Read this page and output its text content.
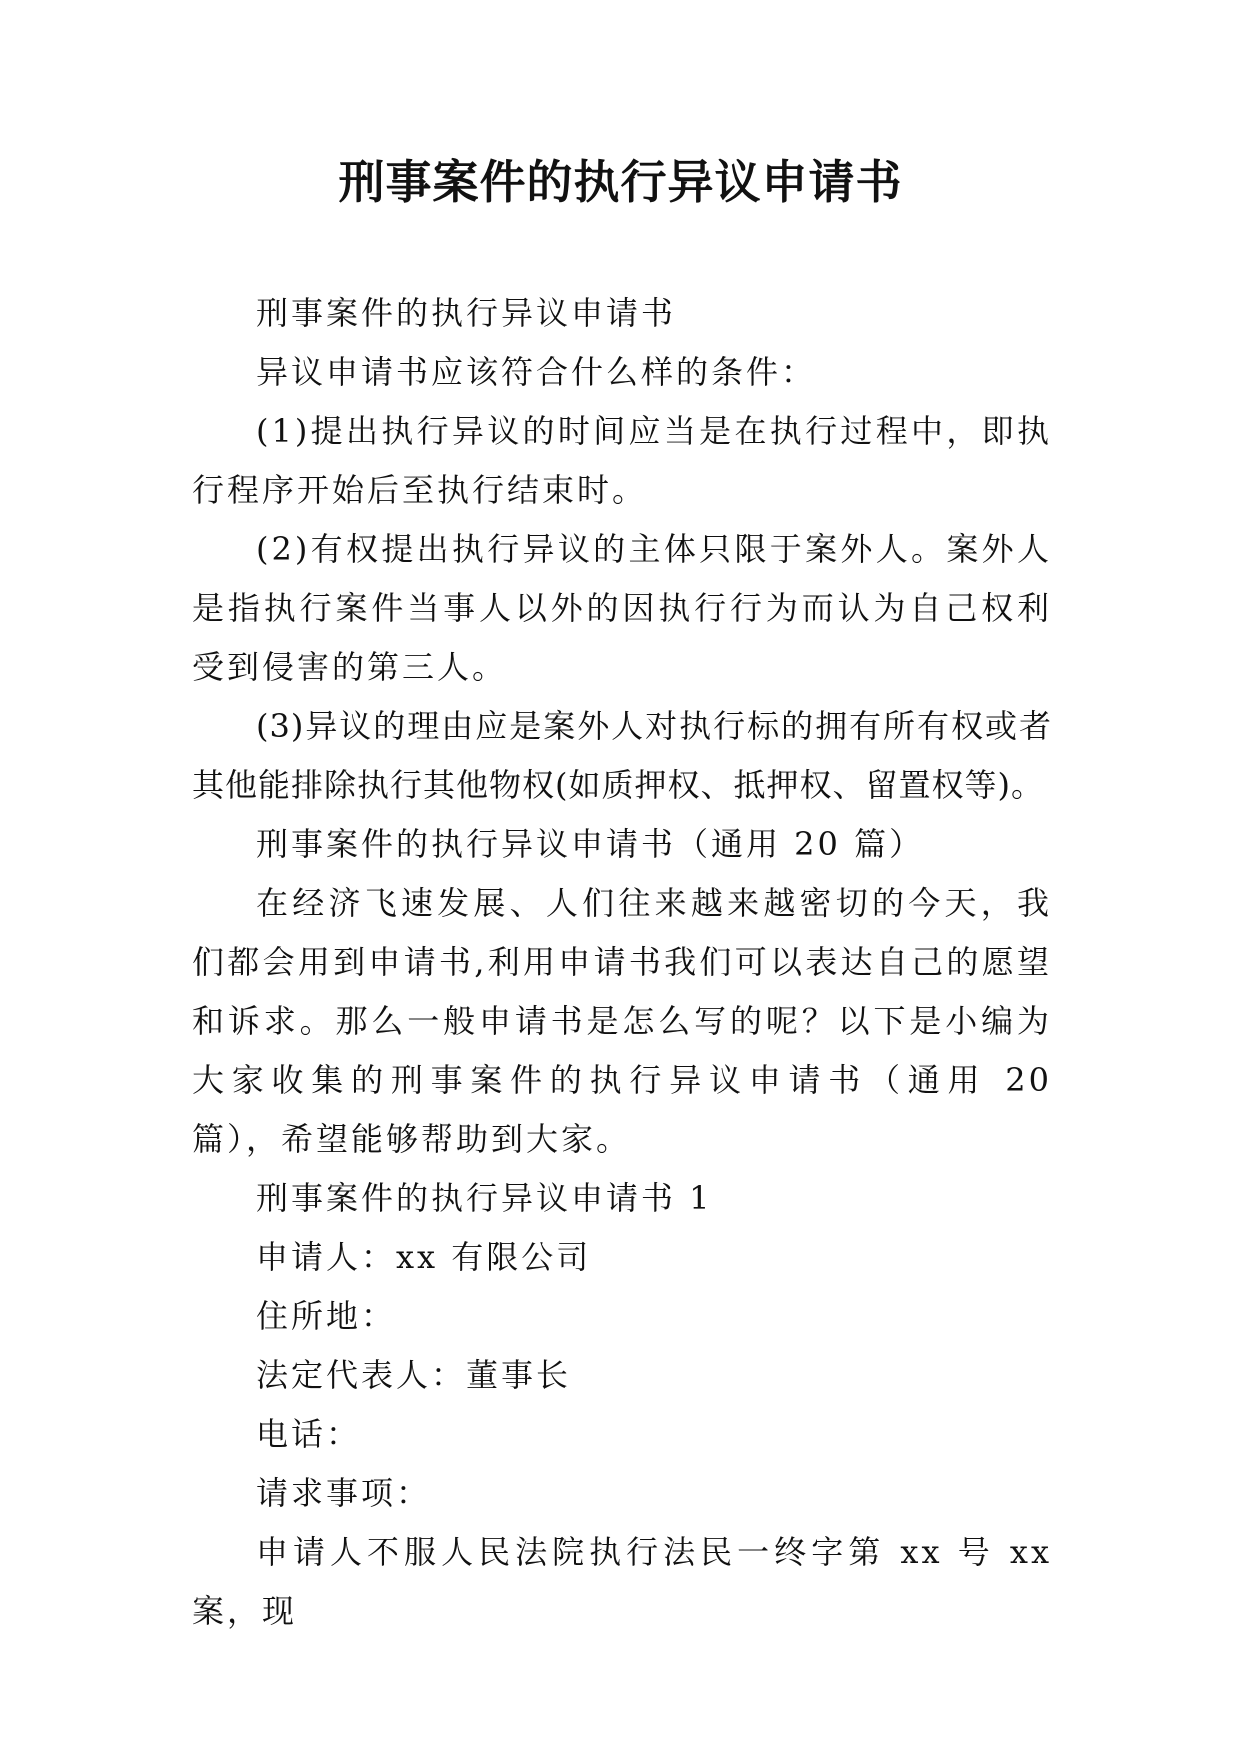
刑事案件的执行异议申请书

刑事案件的执行异议申请书

异议申请书应该符合什么样的条件：

(1)提出执行异议的时间应当是在执行过程中，即执行程序开始后至执行结束时。

(2)有权提出执行异议的主体只限于案外人。案外人是指执行案件当事人以外的因执行行为而认为自己权利受到侵害的第三人。

(3)异议的理由应是案外人对执行标的拥有所有权或者其他能排除执行其他物权(如质押权、抵押权、留置权等)。

刑事案件的执行异议申请书（通用 20 篇）

在经济飞速发展、人们往来越来越密切的今天，我们都会用到申请书,利用申请书我们可以表达自己的愿望和诉求。那么一般申请书是怎么写的呢？以下是小编为大家收集的刑事案件的执行异议申请书（通用 20 篇），希望能够帮助到大家。

刑事案件的执行异议申请书 1

申请人：xx 有限公司

住所地：

法定代表人：董事长

电话：

请求事项：

申请人不服人民法院执行法民一终字第 xx 号 xx 案，现
